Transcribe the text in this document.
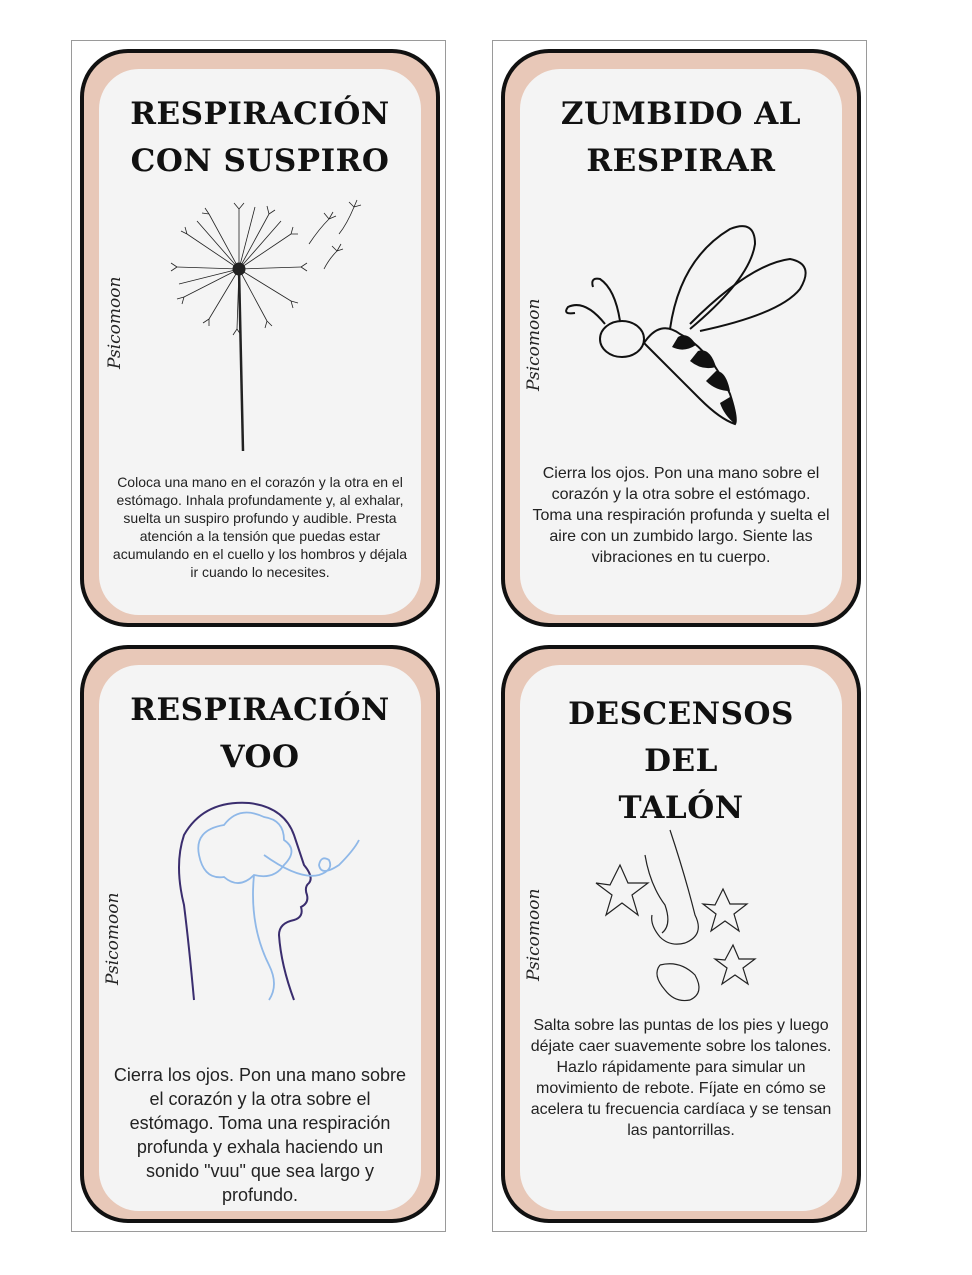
RESPIRACIÓN
CON SUSPIRO
Psicomoon
Coloca una mano en el corazón y la otra en el estómago. Inhala profundamente y, al exhalar, suelta un suspiro profundo y audible. Presta atención a la tensión que puedas estar acumulando en el cuello y los hombros y déjala ir cuando lo necesites.
RESPIRACIÓN
VOO
Psicomoon
Cierra los ojos. Pon una mano sobre el corazón y la otra sobre el estómago. Toma una respiración profunda y exhala haciendo un sonido "vuu" que sea largo y profundo.
ZUMBIDO AL
RESPIRAR
Psicomoon
Cierra los ojos. Pon una mano sobre el corazón y la otra sobre el estómago. Toma una respiración profunda y suelta el aire con un zumbido largo. Siente las vibraciones en tu cuerpo.
DESCENSOS DEL
TALÓN
Psicomoon
Salta sobre las puntas de los pies y luego déjate caer suavemente sobre los talones. Hazlo rápidamente para simular un movimiento de rebote. Fíjate en cómo se acelera tu frecuencia cardíaca y se tensan las pantorrillas.
